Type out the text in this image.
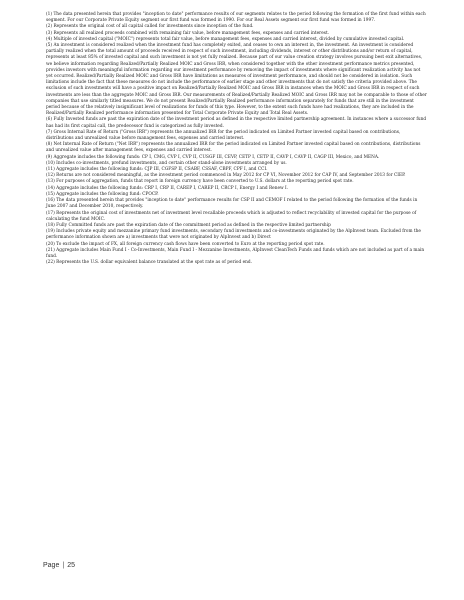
(1) The data presented herein that provides "inception to date" performance results of our segments relates to the period following the formation of the first fund within each segment. For our Corporate Private Equity segment our first fund was formed in 1990. For our Real Assets segment our first fund was formed in 1997.

(2) Represents the original cost of all capital called for investments since inception of the fund.

(3) Represents all realized proceeds combined with remaining fair value, before management fees, expenses and carried interest.

(4) Multiple of invested capital ("MOIC") represents total fair value, before management fees, expenses and carried interest, divided by cumulative invested capital.

(5) An investment is considered realized when the investment fund has completely exited, and ceases to own an interest in, the investment. An investment is considered partially realized when the total amount of proceeds received in respect of such investment, including dividends, interest or other distributions and/or return of capital, represents at least 85% of invested capital and such investment is not yet fully realized. Because part of our value creation strategy involves pursuing best exit alternatives, we believe information regarding Realized/Partially Realized MOIC and Gross IRR, when considered together with the other investment performance metrics presented, provides investors with meaningful information regarding our investment performance by removing the impact of investments where significant realization activity has not yet occurred. Realized/Partially Realized MOIC and Gross IRR have limitations as measures of investment performance, and should not be considered in isolation. Such limitations include the fact that these measures do not include the performance of earlier stage and other investments that do not satisfy the criteria provided above. The exclusion of such investments will have a positive impact on Realized/Partially Realized MOIC and Gross IRR in instances when the MOIC and Gross IRR in respect of such investments are less than the aggregate MOIC and Gross IRR. Our measurements of Realized/Partially Realized MOIC and Gross IRR may not be comparable to those of other companies that use similarly titled measures. We do not present Realized/Partially Realized performance information separately for funds that are still in the investment period because of the relatively insignificant level of realizations for funds of this type. However, to the extent such funds have had realizations, they are included in the Realized/Partially Realized performance information presented for Total Corporate Private Equity and Total Real Assets.

(6) Fully Invested funds are past the expiration date of the investment period as defined in the respective limited partnership agreement. In instances where a successor fund has had its first capital call, the predecessor fund is categorized as fully invested.

(7) Gross Internal Rate of Return ("Gross IRR") represents the annualized IRR for the period indicated on Limited Partner invested capital based on contributions, distributions and unrealized value before management fees, expenses and carried interest.

(8) Net Internal Rate of Return ("Net IRR") represents the annualized IRR for the period indicated on Limited Partner invested capital based on contributions, distributions and unrealized value after management fees, expenses and carried interest.

(9) Aggregate includes the following funds: CP I, CMG, CVP I, CVP II, CUSGF III, CEVP, CETP I, CETP II, CAVP I, CAVP II, CAGP III, Mexico, and MENA.

(10) Includes co-investments, prefund investments, and certain other stand-alone investments arranged by us.

(11) Aggregate includes the following funds: CJP III, CGFSP II, CSABF, CSSAF, CBPF, CPF I, and CCI.

(12) Returns are not considered meaningful, as the investment period commenced in May 2012 for CP VI, November 2012 for CAP IV, and September 2013 for CIEP.

(13) For purposes of aggregation, funds that report in foreign currency have been converted to U.S. dollars at the reporting period spot rate.

(14) Aggregate includes the following funds: CRP I, CRP II, CAREP I, CAREP II, CRCP I, Energy I and Renew I.

(15) Aggregate includes the following fund: CPOCP.

(16) The data presented herein that provides "inception to date" performance results for CSP II and CEMOF I related to the period following the formation of the funds in June 2007 and December 2010, respectively.

(17) Represents the original cost of investments net of investment level recallable proceeds which is adjusted to reflect recyclability of invested capital for the purpose of calculating the fund MOIC.

(18) Fully Committed funds are past the expiration date of the commitment period as defined in the respective limited partnership

(19) Includes private equity and mezzanine primary fund investments, secondary fund investments and co-investments originated by the AlpInvest team. Excluded from the performance information shown are a) investments that were not originated by AlpInvest and b) Direct

(20) To exclude the impact of FX, all foreign currency cash flows have been converted to Euro at the reporting period spot rate.

(21) Aggregate includes Main Fund I - Co-Investments, Main Fund I - Mezzanine Investments, AlpInvest CleanTech Funds and funds which are not included as part of a main fund.

(22) Represents the U.S. dollar equivalent balance translated at the spot rate as of period end.

Page | 25
